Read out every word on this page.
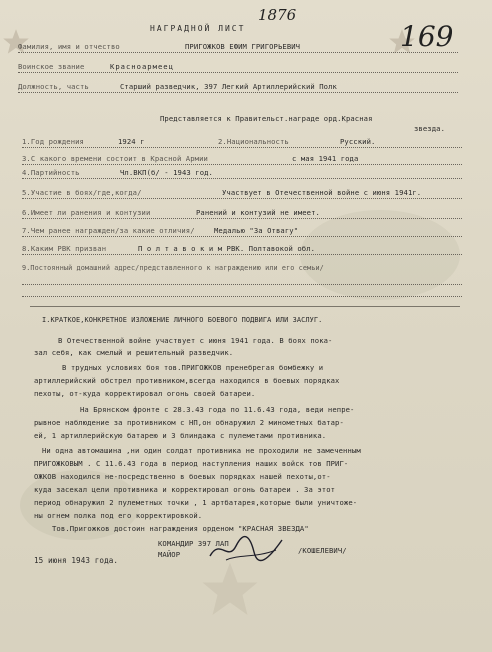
НАГРАДНОЙ ЛИСТ
1876
169
Фамилия, имя и отчество	ПРИГОЖКОВ ЕФИМ ГРИГОРЬЕВИЧ
Воинское звание	Красноармеец
Должность, часть	Старший разведчик, 397 Легкий Артиллерийский Полк
Представляется к Правительст.награде орд.Красная
звезда.
1.Год рождения	1924 г	2.Национальность	Русский.
3.С какого времени состоит в Красной Армии	с мая 1941 года
4.Партийность	Чл.ВКП(б/ - 1943 год.
5.Участие в боях/где,когда/	Участвует в Отечественной войне с июня 1941г.
6.Имеет ли ранения и контузии	Ранений и контузий не имеет.
7.Чем ранее награжден/за какие отличия/	Медалью "За Отвагу"
8.Каким РВК призван	П о л т а в о к и м РВК. Полтавокой обл.
9.Постоянный домашний адрес/представленного к награждению или его семьи/
I.КРАТКОЕ,КОНКРЕТНОЕ ИЗЛОЖЕНИЕ ЛИЧНОГО БОЕВОГО ПОДВИГА ИЛИ ЗАСЛУГ.
В Отечественной войне участвует с июня 1941 года. В боях пока-
зал себя, как смелый и решительный разведчик.
В трудных условиях боя тов.ПРИГОЖКОВ пренебрегая бомбежку и
артиллерийский обстрел противником,всегда находился в боевых порядках
пехоты, от-куда корректировал огонь своей батареи.
На Брянском фронте с 28.3.43 года по 11.6.43 года, веди непре-
рывное наблюдение за противником с НП,он обнаружил 2 минометных батар-
ей, 1 артиллерийскую батарею и 3 блиндажа с пулеметами противника.
Ни одна автомашина ,ни один солдат противника не проходили не замеченным
ПРИГОЖКОВЫМ . С 11.6.43 года в период наступления наших войск тов ПРИГ-
ОЖКОВ находился не-посредственно в боевых порядках нашей пехоты,от-
куда засекал цели противника и корректировал огонь батареи . За этот
период обнаружил 2 пулеметных точки , 1 артбатарея,которые были уничтоже-
ны огнем полка под его корректировкой.
Тов.Пригожков достоин награждения орденом "КРАСНАЯ ЗВЕЗДА"
КОМАНДИР 397 ЛАП
МАЙОР	/КОШЕЛЕВИЧ/
15 июня 1943 года.
